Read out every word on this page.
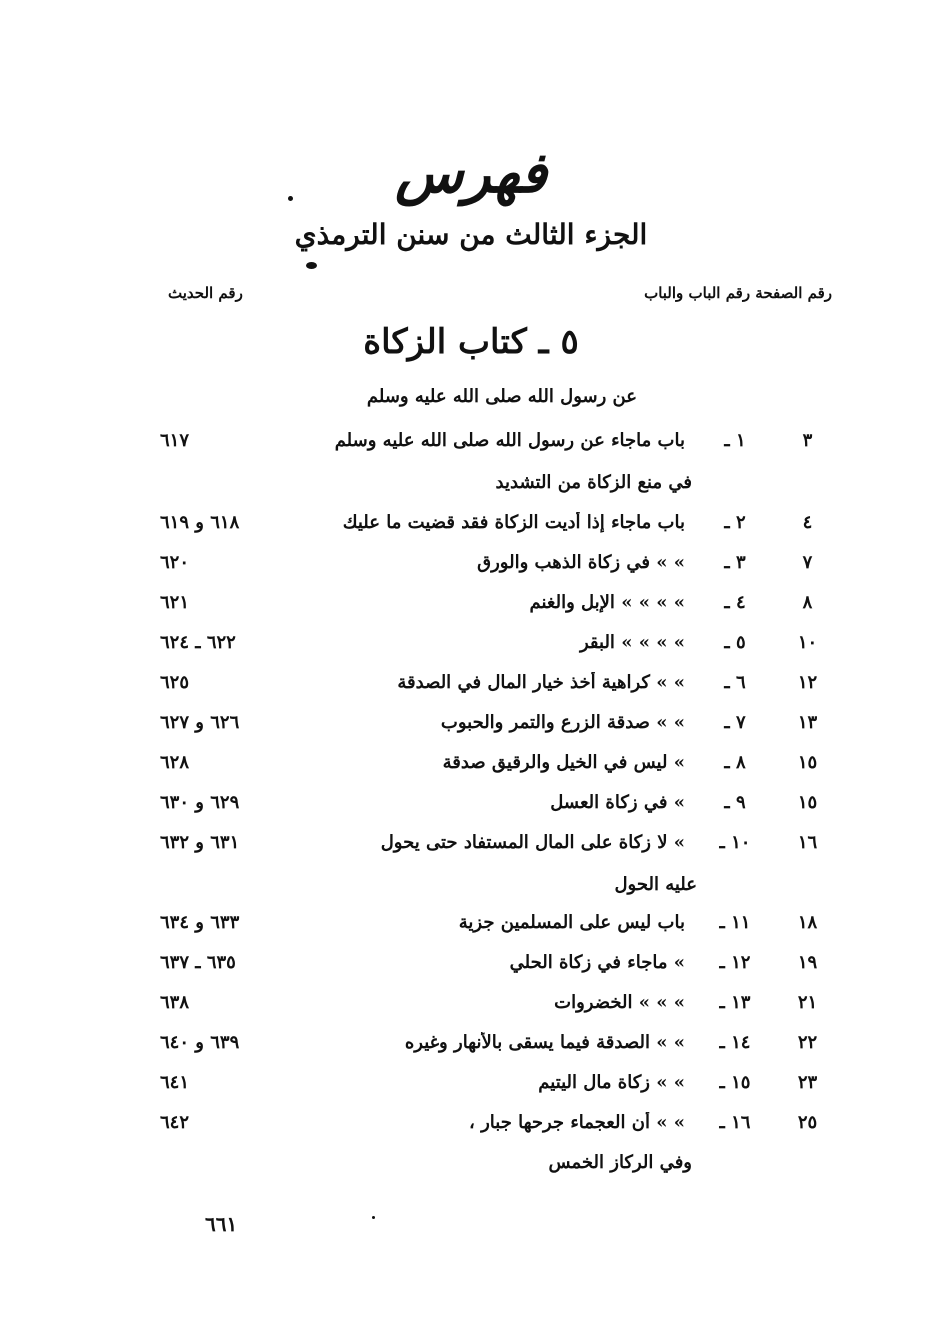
فهرس
الجزء الثالث من سنن الترمذي
رقم الصفحة رقم الباب والباب
رقم الحديث
٥ ـ كتاب الزكاة
عن رسول الله صلى الله عليه وسلم
٣
١ ـ
باب ماجاء عن رسول الله صلى الله عليه وسلم
٦١٧
في منع الزكاة من التشديد
٤
٢ ـ
باب ماجاء إذا أديت الزكاة فقد قضيت ما عليك
٦١٨ و ٦١٩
٧
٣ ـ
» » في زكاة الذهب والورق
٦٢٠
٨
٤ ـ
» » » » الإبل والغنم
٦٢١
١٠
٥ ـ
» » » » البقر
٦٢٢ ـ ٦٢٤
١٢
٦ ـ
» » كراهية أخذ خيار المال في الصدقة
٦٢٥
١٣
٧ ـ
» » صدقة الزرع والتمر والحبوب
٦٢٦ و ٦٢٧
١٥
٨ ـ
» ليس في الخيل والرقيق صدقة
٦٢٨
١٥
٩ ـ
» في زكاة العسل
٦٢٩ و ٦٣٠
١٦
١٠ ـ
» لا زكاة على المال المستفاد حتى يحول
٦٣١ و ٦٣٢
عليه الحول
١٨
١١ ـ
باب ليس على المسلمين جزية
٦٣٣ و ٦٣٤
١٩
١٢ ـ
» ماجاء في زكاة الحلي
٦٣٥ ـ ٦٣٧
٢١
١٣ ـ
» » » الخضروات
٦٣٨
٢٢
١٤ ـ
» » الصدقة فيما يسقى بالأنهار وغيره
٦٣٩ و ٦٤٠
٢٣
١٥ ـ
» » زكاة مال اليتيم
٦٤١
٢٥
١٦ ـ
» » أن العجماء جرحها جبار ،
٦٤٢
وفي الركاز الخمس
٦٦١
